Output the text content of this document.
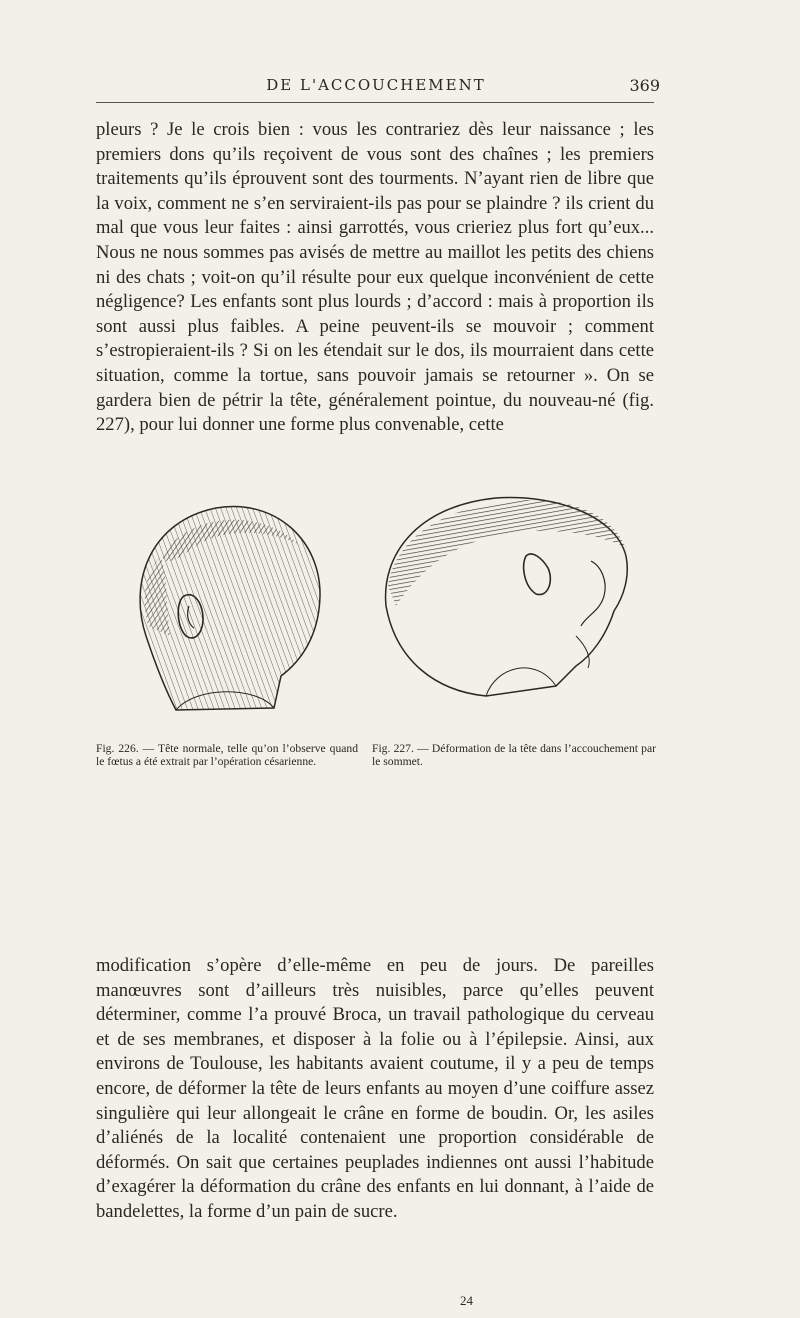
DE L'ACCOUCHEMENT	369

pleurs ? Je le crois bien : vous les contrariez dès leur naissance ; les premiers dons qu’ils reçoivent de vous sont des chaînes ; les premiers traitements qu’ils éprouvent sont des tourments. N’ayant rien de libre que la voix, comment ne s’en serviraient-ils pas pour se plaindre ? ils crient du mal que vous leur faites : ainsi garrottés, vous crieriez plus fort qu’eux... Nous ne nous sommes pas avisés de mettre au maillot les petits des chiens ni des chats ; voit-on qu’il résulte pour eux quelque inconvénient de cette négligence? Les enfants sont plus lourds ; d’accord : mais à proportion ils sont aussi plus faibles. A peine peuvent-ils se mouvoir ; comment s’estropieraient-ils ? Si on les étendait sur le dos, ils mourraient dans cette situation, comme la tortue, sans pouvoir jamais se retourner ». On se gardera bien de pétrir la tête, généralement pointue, du nouveau-né (fig. 227), pour lui donner une forme plus convenable, cette

Fig. 226. — Tête normale, telle qu’on l’observe quand le fœtus a été extrait par l’opération césarienne.
Fig. 227. — Déformation de la tête dans l’accouchement par le sommet.

modification s’opère d’elle-même en peu de jours. De pareilles manœuvres sont d’ailleurs très nuisibles, parce qu’elles peuvent déterminer, comme l’a prouvé Broca, un travail pathologique du cerveau et de ses membranes, et disposer à la folie ou à l’épilepsie. Ainsi, aux environs de Toulouse, les habitants avaient coutume, il y a peu de temps encore, de déformer la tête de leurs enfants au moyen d’une coiffure assez singulière qui leur allongeait le crâne en forme de boudin. Or, les asiles d’aliénés de la localité contenaient une proportion considérable de déformés. On sait que certaines peuplades indiennes ont aussi l’habitude d’exagérer la déformation du crâne des enfants en lui donnant, à l’aide de bandelettes, la forme d’un pain de sucre.

24
